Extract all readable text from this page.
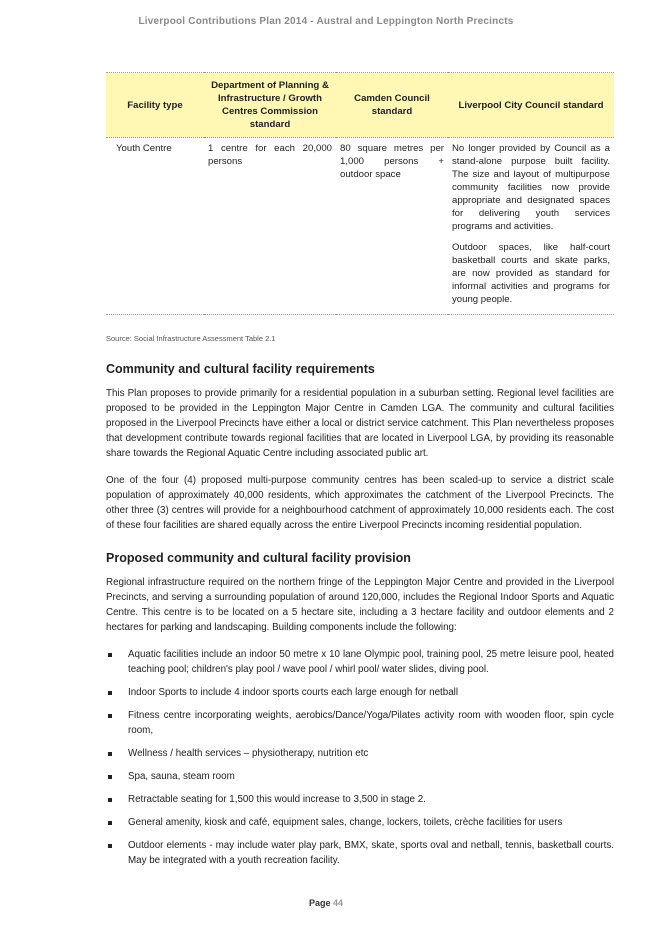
Liverpool Contributions Plan 2014 - Austral and Leppington North Precincts
Facility type	Department of Planning & Infrastructure / Growth Centres Commission standard	Camden Council standard	Liverpool City Council standard
Youth Centre	1 centre for each 20,000 persons	80 square metres per 1,000 persons + outdoor space	No longer provided by Council as a stand-alone purpose built facility. The size and layout of multipurpose community facilities now provide appropriate and designated spaces for delivering youth services programs and activities.

Outdoor spaces, like half-court basketball courts and skate parks, are now provided as standard for informal activities and programs for young people.

Source: Social Infrastructure Assessment Table 2.1
Community and cultural facility requirements

This Plan proposes to provide primarily for a residential population in a suburban setting. Regional level facilities are proposed to be provided in the Leppington Major Centre in Camden LGA. The community and cultural facilities proposed in the Liverpool Precincts have either a local or district service catchment. This Plan nevertheless proposes that development contribute towards regional facilities that are located in Liverpool LGA, by providing its reasonable share towards the Regional Aquatic Centre including associated public art.

One of the four (4) proposed multi-purpose community centres has been scaled-up to service a district scale population of approximately 40,000 residents, which approximates the catchment of the Liverpool Precincts. The other three (3) centres will provide for a neighbourhood catchment of approximately 10,000 residents each. The cost of these four facilities are shared equally across the entire Liverpool Precincts incoming residential population.

Proposed community and cultural facility provision

Regional infrastructure required on the northern fringe of the Leppington Major Centre and provided in the Liverpool Precincts, and serving a surrounding population of around 120,000, includes the Regional Indoor Sports and Aquatic Centre. This centre is to be located on a 5 hectare site, including a 3 hectare facility and outdoor elements and 2 hectares for parking and landscaping. Building components include the following:

Aquatic facilities include an indoor 50 metre x 10 lane Olympic pool, training pool, 25 metre leisure pool, heated teaching pool; children's play pool / wave pool / whirl pool/ water slides, diving pool.
Indoor Sports to include 4 indoor sports courts each large enough for netball
Fitness centre incorporating weights, aerobics/Dance/Yoga/Pilates activity room with wooden floor, spin cycle room,
Wellness / health services – physiotherapy, nutrition etc
Spa, sauna, steam room
Retractable seating for 1,500 this would increase to 3,500 in stage 2.
General amenity, kiosk and café, equipment sales, change, lockers, toilets, crèche facilities for users
Outdoor elements - may include water play park, BMX, skate, sports oval and netball, tennis, basketball courts. May be integrated with a youth recreation facility.
Page 44
